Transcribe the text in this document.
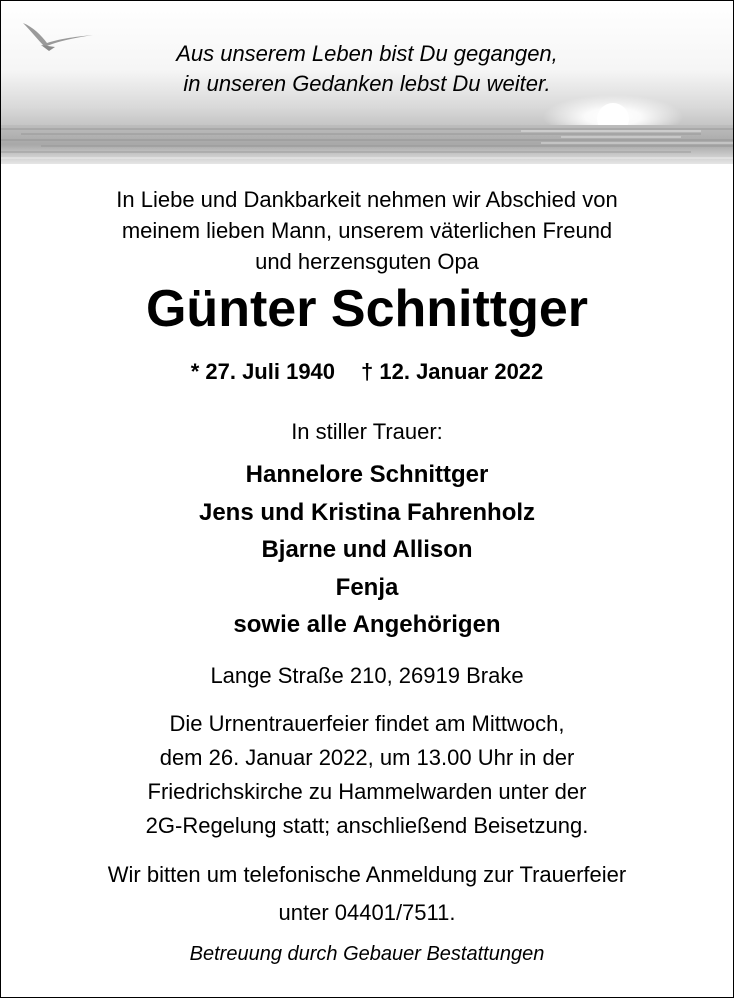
Aus unserem Leben bist Du gegangen,
in unseren Gedanken lebst Du weiter.
In Liebe und Dankbarkeit nehmen wir Abschied von
meinem lieben Mann, unserem väterlichen Freund
und herzensguten Opa
Günter Schnittger
* 27. Juli 1940 † 12. Januar 2022
In stiller Trauer:
Hannelore Schnittger
Jens und Kristina Fahrenholz
Bjarne und Allison
Fenja
sowie alle Angehörigen
Lange Straße 210, 26919 Brake
Die Urnentrauerfeier findet am Mittwoch,
dem 26. Januar 2022, um 13.00 Uhr in der
Friedrichskirche zu Hammelwarden unter der
2G-Regelung statt; anschließend Beisetzung.
Wir bitten um telefonische Anmeldung zur Trauerfeier
unter 04401/7511.
Betreuung durch Gebauer Bestattungen
